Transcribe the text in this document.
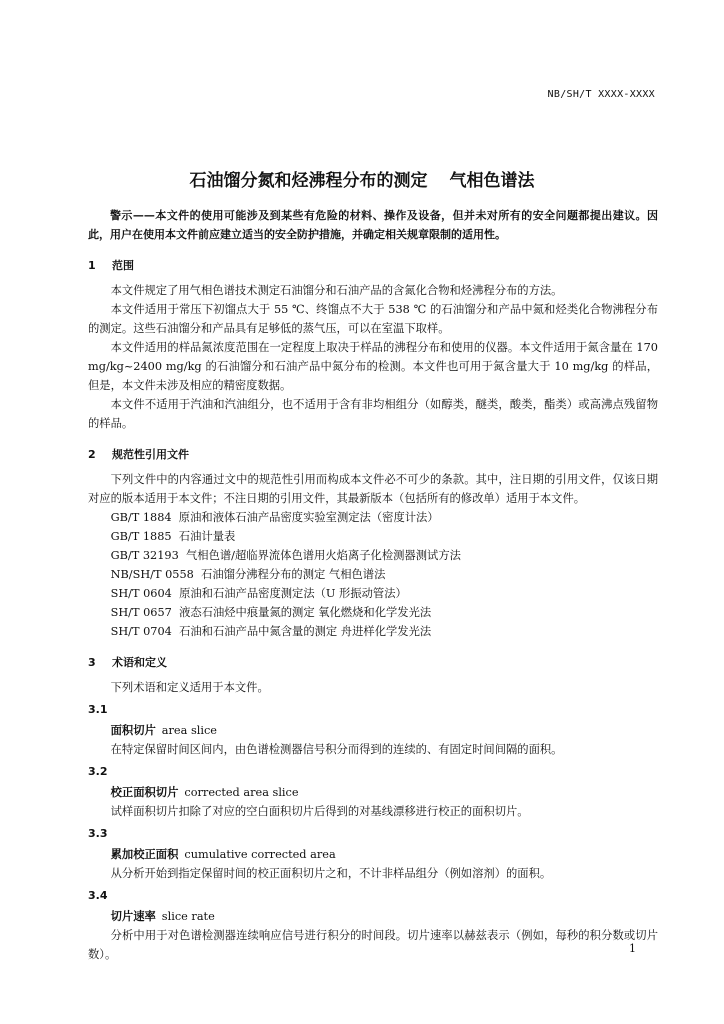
NB/SH/T XXXX-XXXX
石油馏分氮和烃沸程分布的测定 气相色谱法

警示——本文件的使用可能涉及到某些有危险的材料、操作及设备，但并未对所有的安全问题都提出建议。因此，用户在使用本文件前应建立适当的安全防护措施，并确定相关规章限制的适用性。

1 范围

本文件规定了用气相色谱技术测定石油馏分和石油产品的含氮化合物和烃沸程分布的方法。

本文件适用于常压下初馏点大于 55 ℃、终馏点不大于 538 ℃ 的石油馏分和产品中氮和烃类化合物沸程分布的测定。这些石油馏分和产品具有足够低的蒸气压，可以在室温下取样。

本文件适用的样品氮浓度范围在一定程度上取决于样品的沸程分布和使用的仪器。本文件适用于氮含量在 170 mg/kg~2400 mg/kg 的石油馏分和石油产品中氮分布的检测。本文件也可用于氮含量大于 10 mg/kg 的样品，但是，本文件未涉及相应的精密度数据。

本文件不适用于汽油和汽油组分，也不适用于含有非均相组分（如醇类，醚类，酸类，酯类）或高沸点残留物的样品。

2 规范性引用文件

下列文件中的内容通过文中的规范性引用而构成本文件必不可少的条款。其中，注日期的引用文件，仅该日期对应的版本适用于本文件；不注日期的引用文件，其最新版本（包括所有的修改单）适用于本文件。

GB/T 1884 原油和液体石油产品密度实验室测定法（密度计法）

GB/T 1885 石油计量表

GB/T 32193 气相色谱/超临界流体色谱用火焰离子化检测器测试方法

NB/SH/T 0558 石油馏分沸程分布的测定 气相色谱法

SH/T 0604 原油和石油产品密度测定法（U 形振动管法）

SH/T 0657 液态石油烃中痕量氮的测定 氧化燃烧和化学发光法

SH/T 0704 石油和石油产品中氮含量的测定 舟进样化学发光法

3 术语和定义

下列术语和定义适用于本文件。

3.1

面积切片 area slice

在特定保留时间区间内，由色谱检测器信号积分而得到的连续的、有固定时间间隔的面积。

3.2

校正面积切片 corrected area slice

试样面积切片扣除了对应的空白面积切片后得到的对基线漂移进行校正的面积切片。

3.3

累加校正面积 cumulative corrected area

从分析开始到指定保留时间的校正面积切片之和，不计非样品组分（例如溶剂）的面积。

3.4

切片速率 slice rate

分析中用于对色谱检测器连续响应信号进行积分的时间段。切片速率以赫兹表示（例如，每秒的积分数或切片数）。	1
